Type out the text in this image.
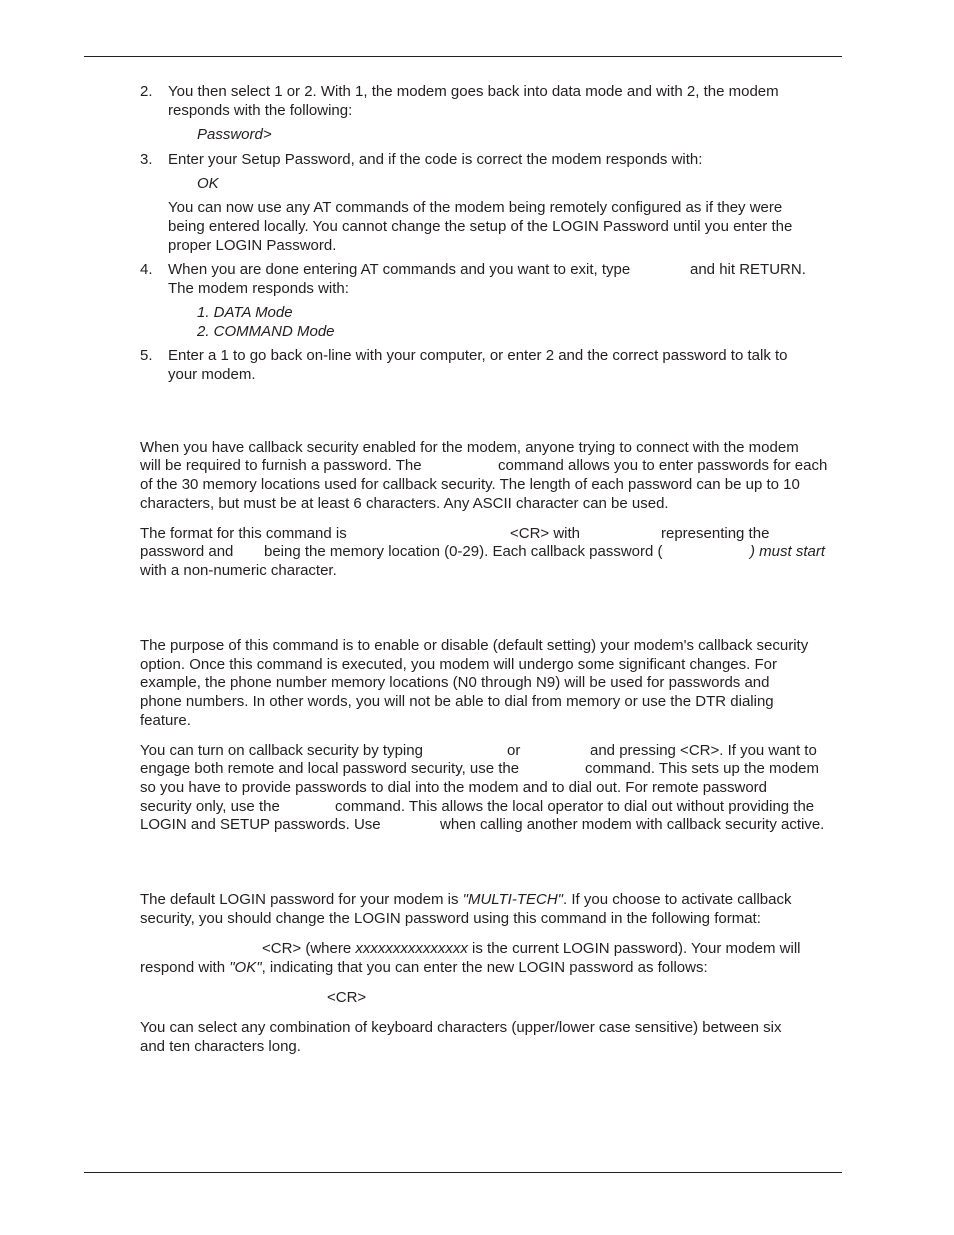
2. You then select 1 or 2. With 1, the modem goes back into data mode and with 2, the modem
responds with the following:
Password>
3. Enter your Setup Password, and if the code is correct the modem responds with:
OK
You can now use any AT commands of the modem being remotely configured as if they were
being entered locally. You cannot change the setup of the LOGIN Password until you enter the
proper LOGIN Password.
4. When you are done entering AT commands and you want to exit, type	and hit RETURN.
The modem responds with:
1. DATA Mode
2. COMMAND Mode
5. Enter a 1 to go back on-line with your computer, or enter 2 and the correct password to talk to
your modem.
When you have callback security enabled for the modem, anyone trying to connect with the modem
will be required to furnish a password. The	command allows you to enter passwords for each
of the 30 memory locations used for callback security. The length of each password can be up to 10
characters, but must be at least 6 characters. Any ASCII character can be used.
The format for this command is	<CR> with	representing the
password and being the memory location (0-29). Each callback password (	) must start
with a non-numeric character.
The purpose of this command is to enable or disable (default setting) your modem's callback security
option. Once this command is executed, you modem will undergo some significant changes. For
example, the phone number memory locations (N0 through N9) will be used for passwords and
phone numbers. In other words, you will not be able to dial from memory or use the DTR dialing
feature.
You can turn on callback security by typing	or	and pressing <CR>. If you want to
engage both remote and local password security, use the	command. This sets up the modem
so you have to provide passwords to dial into the modem and to dial out. For remote password
security only, use the	command. This allows the local operator to dial out without providing the
LOGIN and SETUP passwords. Use	when calling another modem with callback security active.
The default LOGIN password for your modem is "MULTI-TECH". If you choose to activate callback
security, you should change the LOGIN password using this command in the following format:
<CR> (where xxxxxxxxxxxxxxx is the current LOGIN password). Your modem will
respond with "OK", indicating that you can enter the new LOGIN password as follows:
<CR>
You can select any combination of keyboard characters (upper/lower case sensitive) between six
and ten characters long.
